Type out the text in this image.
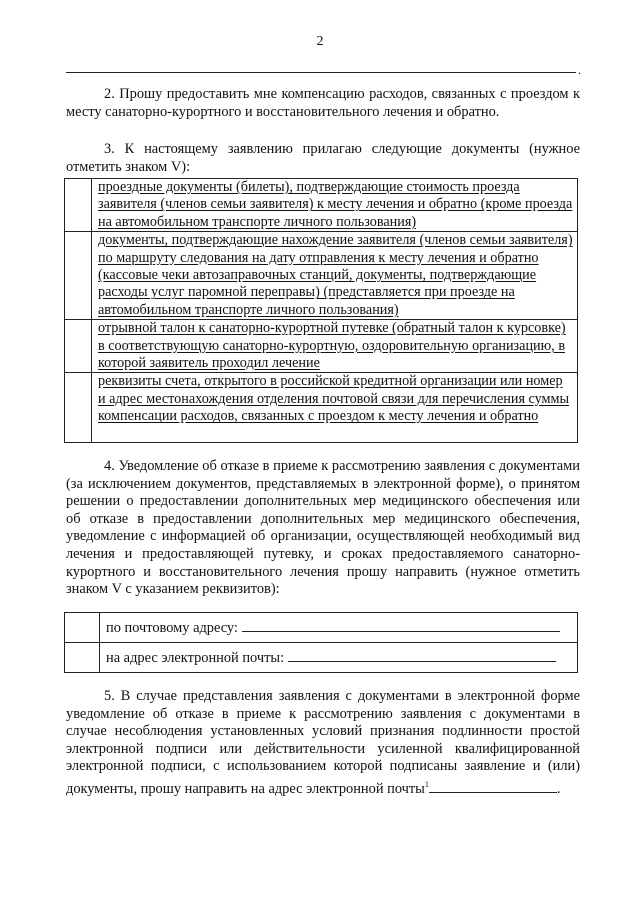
2
.

2. Прошу предоставить мне компенсацию расходов, связанных с проездом к месту санаторно-курортного и восстановительного лечения и обратно.

3. К настоящему заявлению прилагаю следующие документы (нужное отметить знаком V):

	проездные документы (билеты), подтверждающие стоимость проезда заявителя (членов семьи заявителя) к месту лечения и обратно (кроме проезда на автомобильном транспорте личного пользования)
	документы, подтверждающие нахождение заявителя (членов семьи заявителя) по маршруту следования на дату отправления к месту лечения и обратно (кассовые чеки автозаправочных станций, документы, подтверждающие расходы услуг паромной переправы) (представляется при проезде на автомобильном транспорте личного пользования)
	отрывной талон к санаторно-курортной путевке (обратный талон к курсовке) в соответствующую санаторно-курортную, оздоровительную организацию, в которой заявитель проходил лечение
	реквизиты счета, открытого в российской кредитной организации или номер и адрес местонахождения отделения почтовой связи для перечисления суммы компенсации расходов, связанных с проездом к месту лечения и обратно

4. Уведомление об отказе в приеме к рассмотрению заявления с документами (за исключением документов, представляемых в электронной форме), о принятом решении о предоставлении дополнительных мер медицинского обеспечения или об отказе в предоставлении дополнительных мер медицинского обеспечения, уведомление с информацией об организации, осуществляющей необходимый вид лечения и предоставляющей путевку, и сроках предоставляемого санаторно-курортного и восстановительного лечения прошу направить (нужное отметить знаком V с указанием реквизитов):

	по почтовому адресу:
	на адрес электронной почты:

5. В случае представления заявления с документами в электронной форме уведомление об отказе в приеме к рассмотрению заявления с документами в случае несоблюдения установленных условий признания подлинности простой электронной подписи или действительности усиленной квалифицированной электронной подписи, с использованием которой подписаны заявление и (или) документы, прошу направить на адрес электронной почты$^1$	.
